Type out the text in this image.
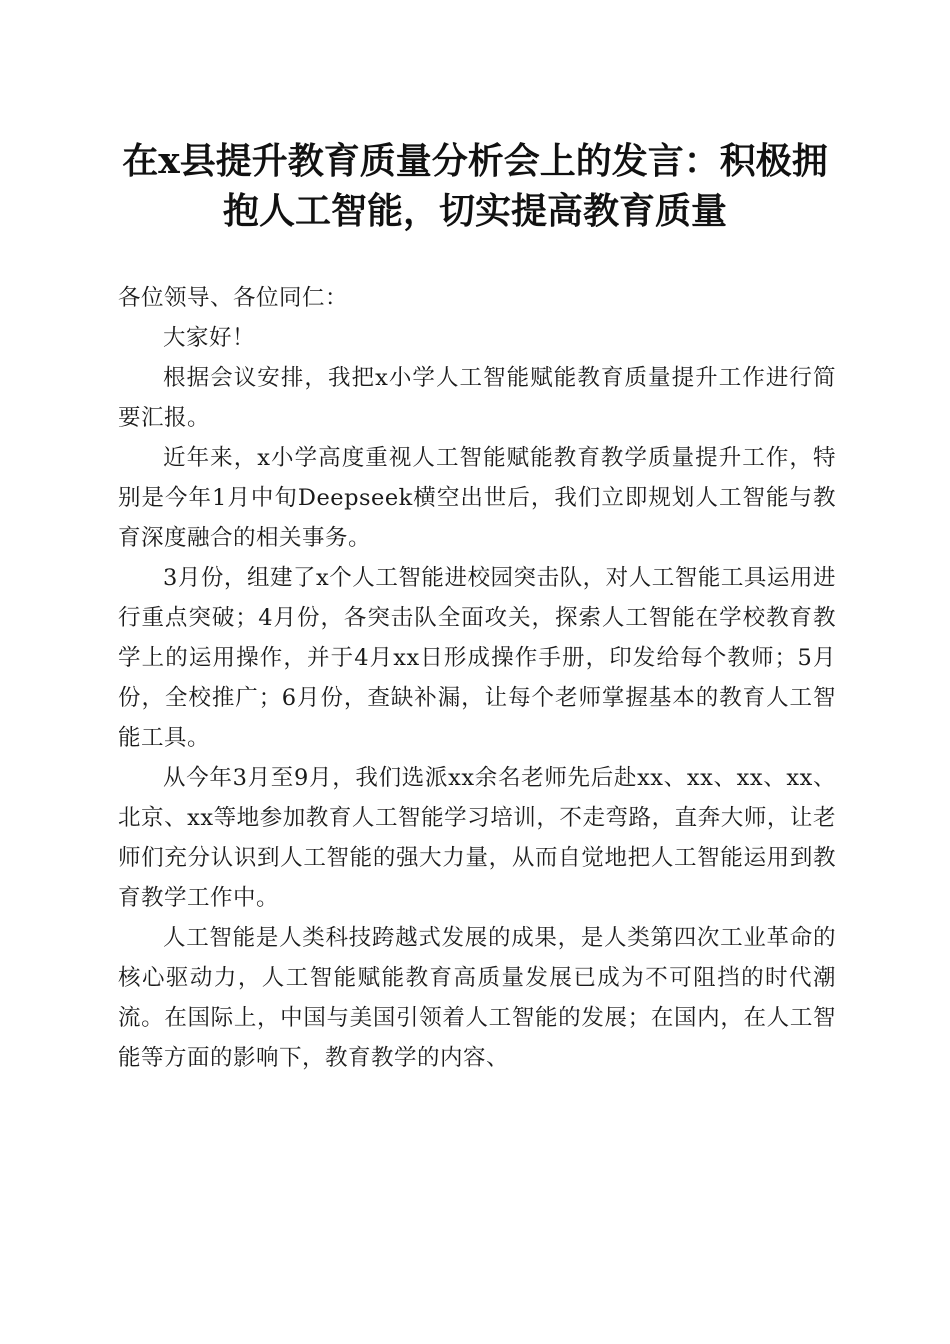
在x县提升教育质量分析会上的发言：积极拥
抱人工智能，切实提高教育质量

各位领导、各位同仁：

大家好！

根据会议安排，我把x小学人工智能赋能教育质量提升工作进行简要汇报。

近年来，x小学高度重视人工智能赋能教育教学质量提升工作，特别是今年1月中旬Deepseek横空出世后，我们立即规划人工智能与教育深度融合的相关事务。

3月份，组建了x个人工智能进校园突击队，对人工智能工具运用进行重点突破；4月份，各突击队全面攻关，探索人工智能在学校教育教学上的运用操作，并于4月xx日形成操作手册，印发给每个教师；5月份，全校推广；6月份，查缺补漏，让每个老师掌握基本的教育人工智能工具。

从今年3月至9月，我们选派xx余名老师先后赴xx、xx、xx、xx、北京、xx等地参加教育人工智能学习培训，不走弯路，直奔大师，让老师们充分认识到人工智能的强大力量，从而自觉地把人工智能运用到教育教学工作中。

人工智能是人类科技跨越式发展的成果，是人类第四次工业革命的核心驱动力，人工智能赋能教育高质量发展已成为不可阻挡的时代潮流。在国际上，中国与美国引领着人工智能的发展；在国内，在人工智能等方面的影响下，教育教学的内容、
